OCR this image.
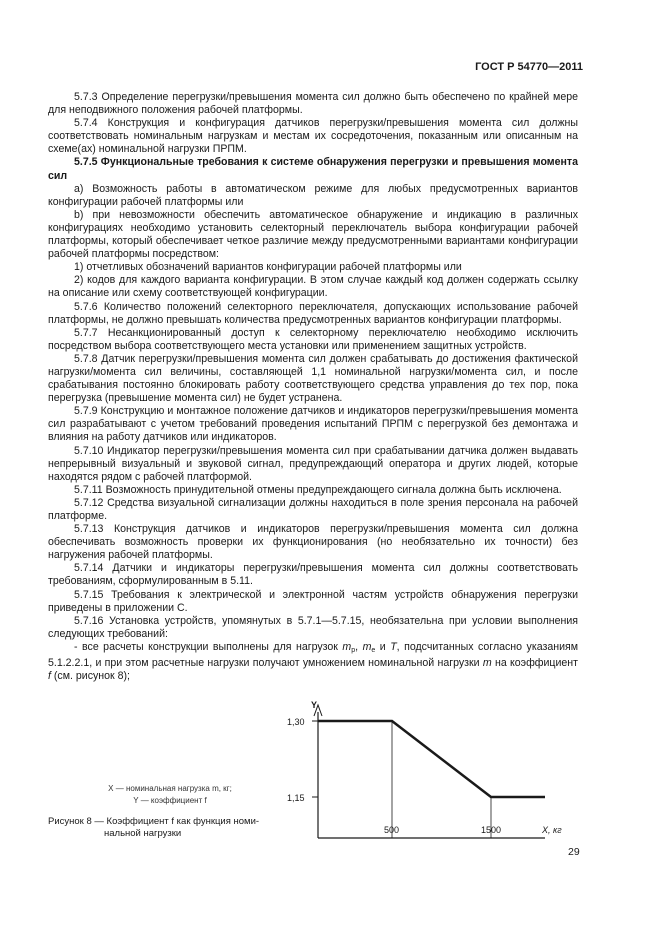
ГОСТ Р 54770—2011

5.7.3 Определение перегрузки/превышения момента сил должно быть обеспечено по крайней мере для неподвижного положения рабочей платформы.

5.7.4 Конструкция и конфигурация датчиков перегрузки/превышения момента сил должны соответствовать номинальным нагрузкам и местам их сосредоточения, показанным или описанным на схеме(ах) номинальной нагрузки ПРПМ.

5.7.5 Функциональные требования к системе обнаружения перегрузки и превышения момента сил

а) Возможность работы в автоматическом режиме для любых предусмотренных вариантов конфигурации рабочей платформы или

b) при невозможности обеспечить автоматическое обнаружение и индикацию в различных конфигурациях необходимо установить селекторный переключатель выбора конфигурации рабочей платформы, который обеспечивает четкое различие между предусмотренными вариантами конфигурации рабочей платформы посредством:

1) отчетливых обозначений вариантов конфигурации рабочей платформы или

2) кодов для каждого варианта конфигурации. В этом случае каждый код должен содержать ссылку на описание или схему соответствующей конфигурации.

5.7.6 Количество положений селекторного переключателя, допускающих использование рабочей платформы, не должно превышать количества предусмотренных вариантов конфигурации платформы.

5.7.7 Несанкционированный доступ к селекторному переключателю необходимо исключить посредством выбора соответствующего места установки или применением защитных устройств.

5.7.8 Датчик перегрузки/превышения момента сил должен срабатывать до достижения фактической нагрузки/момента сил величины, составляющей 1,1 номинальной нагрузки/момента сил, и после срабатывания постоянно блокировать работу соответствующего средства управления до тех пор, пока перегрузка (превышение момента сил) не будет устранена.

5.7.9 Конструкцию и монтажное положение датчиков и индикаторов перегрузки/превышения момента сил разрабатывают с учетом требований проведения испытаний ПРПМ с перегрузкой без демонтажа и влияния на работу датчиков или индикаторов.

5.7.10 Индикатор перегрузки/превышения момента сил при срабатывании датчика должен выдавать непрерывный визуальный и звуковой сигнал, предупреждающий оператора и других людей, которые находятся рядом с рабочей платформой.

5.7.11 Возможность принудительной отмены предупреждающего сигнала должна быть исключена.

5.7.12 Средства визуальной сигнализации должны находиться в поле зрения персонала на рабочей платформе.

5.7.13 Конструкция датчиков и индикаторов перегрузки/превышения момента сил должна обеспечивать возможность проверки их функционирования (но необязательно их точности) без нагружения рабочей платформы.

5.7.14 Датчики и индикаторы перегрузки/превышения момента сил должны соответствовать требованиям, сформулированным в 5.11.

5.7.15 Требования к электрической и электронной частям устройств обнаружения перегрузки приведены в приложении С.

5.7.16 Установка устройств, упомянутых в 5.7.1—5.7.15, необязательна при условии выполнения следующих требований:

- все расчеты конструкции выполнены для нагрузок $m_p$, $m_e$ и T, подсчитанных согласно указаниям 5.1.2.2.1, и при этом расчетные нагрузки получают умножением номинальной нагрузки m на коэффициент f (см. рисунок 8);

Y
1,30
1,15
500	1500	X, кг
X — номинальная нагрузка m, кг;
Y — коэффициент f
Рисунок 8 — Коэффициент f как функция номи-
нальной нагрузки
29
